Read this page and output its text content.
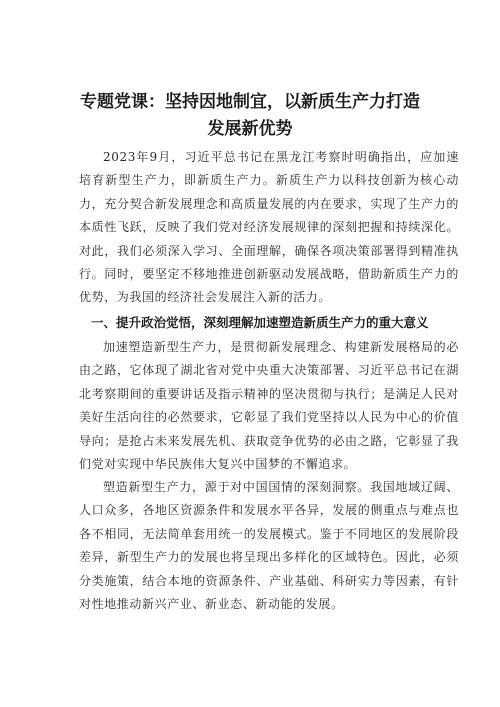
专题党课：坚持因地制宜，以新质生产力打造
发展新优势

2023年9月，习近平总书记在黑龙江考察时明确指出，应加速培育新型生产力，即新质生产力。新质生产力以科技创新为核心动力，充分契合新发展理念和高质量发展的内在要求，实现了生产力的本质性飞跃，反映了我们党对经济发展规律的深刻把握和持续深化。对此，我们必须深入学习、全面理解，确保各项决策部署得到精准执行。同时，要坚定不移地推进创新驱动发展战略，借助新质生产力的优势，为我国的经济社会发展注入新的活力。

一、提升政治觉悟，深刻理解加速塑造新质生产力的重大意义

加速塑造新型生产力，是贯彻新发展理念、构建新发展格局的必由之路，它体现了湖北省对党中央重大决策部署、习近平总书记在湖北考察期间的重要讲话及指示精神的坚决贯彻与执行；是满足人民对美好生活向往的必然要求，它彰显了我们党坚持以人民为中心的价值导向；是抢占未来发展先机、获取竞争优势的必由之路，它彰显了我们党对实现中华民族伟大复兴中国梦的不懈追求。

塑造新型生产力，源于对中国国情的深刻洞察。我国地域辽阔、人口众多，各地区资源条件和发展水平各异，发展的侧重点与难点也各不相同，无法简单套用统一的发展模式。鉴于不同地区的发展阶段差异，新型生产力的发展也将呈现出多样化的区域特色。因此，必须分类施策，结合本地的资源条件、产业基础、科研实力等因素，有针对性地推动新兴产业、新业态、新动能的发展。
